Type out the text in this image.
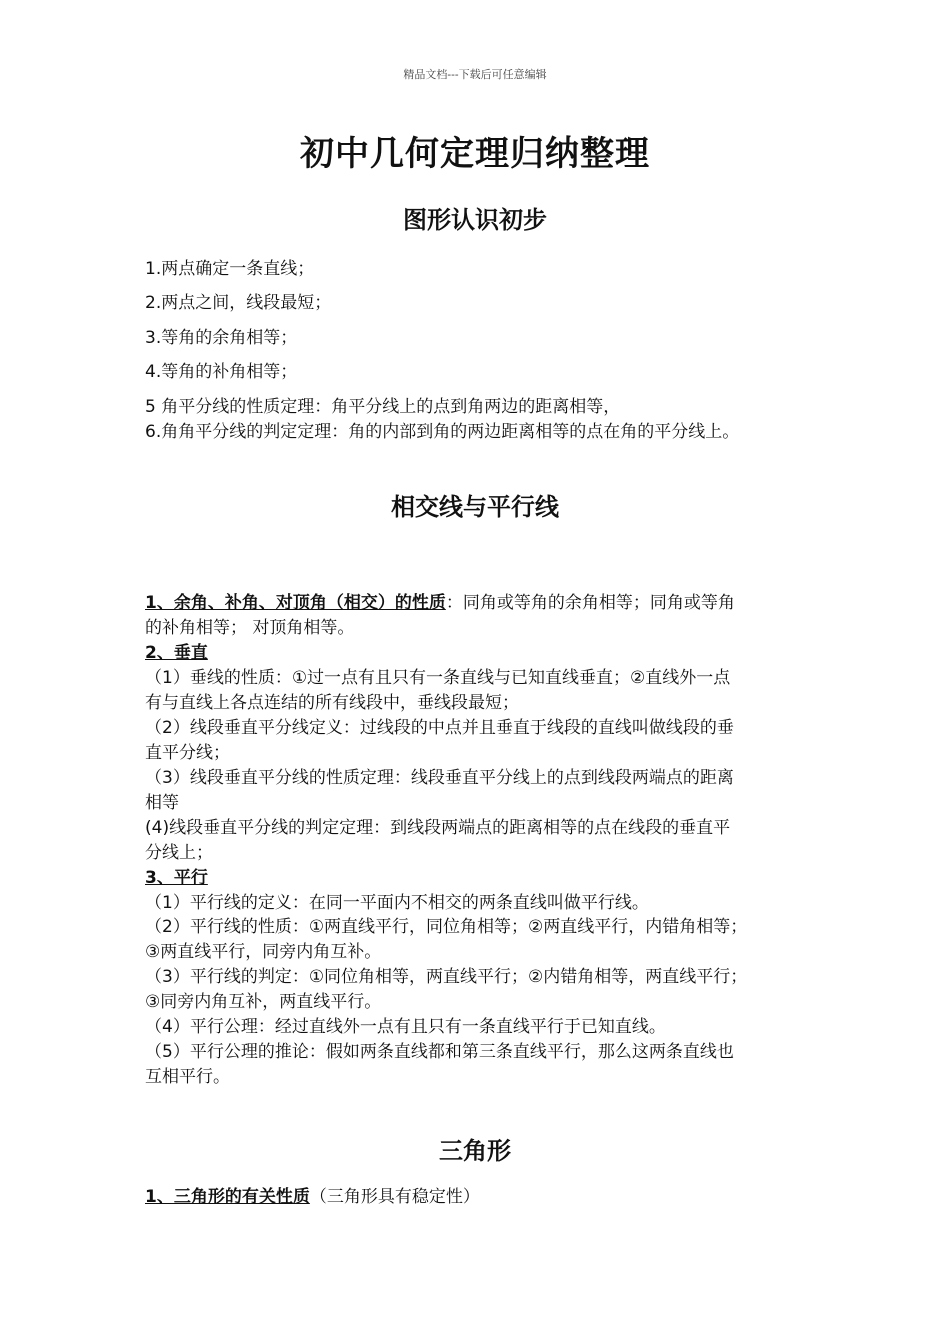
精品文档---下载后可任意编辑
初中几何定理归纳整理
图形认识初步
1.两点确定一条直线；
2.两点之间，线段最短；
3.等角的余角相等；
4.等角的补角相等；
5 角平分线的性质定理：角平分线上的点到角两边的距离相等，
6.角角平分线的判定定理：角的内部到角的两边距离相等的点在角的平分线上。
相交线与平行线
1、余角、补角、对顶角（相交）的性质：同角或等角的余角相等；同角或等角
的补角相等； 对顶角相等。
2、垂直
（1）垂线的性质：①过一点有且只有一条直线与已知直线垂直；②直线外一点
有与直线上各点连结的所有线段中，垂线段最短；
（2）线段垂直平分线定义：过线段的中点并且垂直于线段的直线叫做线段的垂
直平分线；
（3）线段垂直平分线的性质定理：线段垂直平分线上的点到线段两端点的距离
相等
(4)线段垂直平分线的判定定理：到线段两端点的距离相等的点在线段的垂直平
分线上；
3、平行
（1）平行线的定义：在同一平面内不相交的两条直线叫做平行线。
（2）平行线的性质：①两直线平行，同位角相等；②两直线平行，内错角相等；
③两直线平行，同旁内角互补。
（3）平行线的判定：①同位角相等，两直线平行；②内错角相等，两直线平行；
③同旁内角互补，两直线平行。
（4）平行公理：经过直线外一点有且只有一条直线平行于已知直线。
（5）平行公理的推论：假如两条直线都和第三条直线平行，那么这两条直线也
互相平行。
三角形
1、三角形的有关性质（三角形具有稳定性）
